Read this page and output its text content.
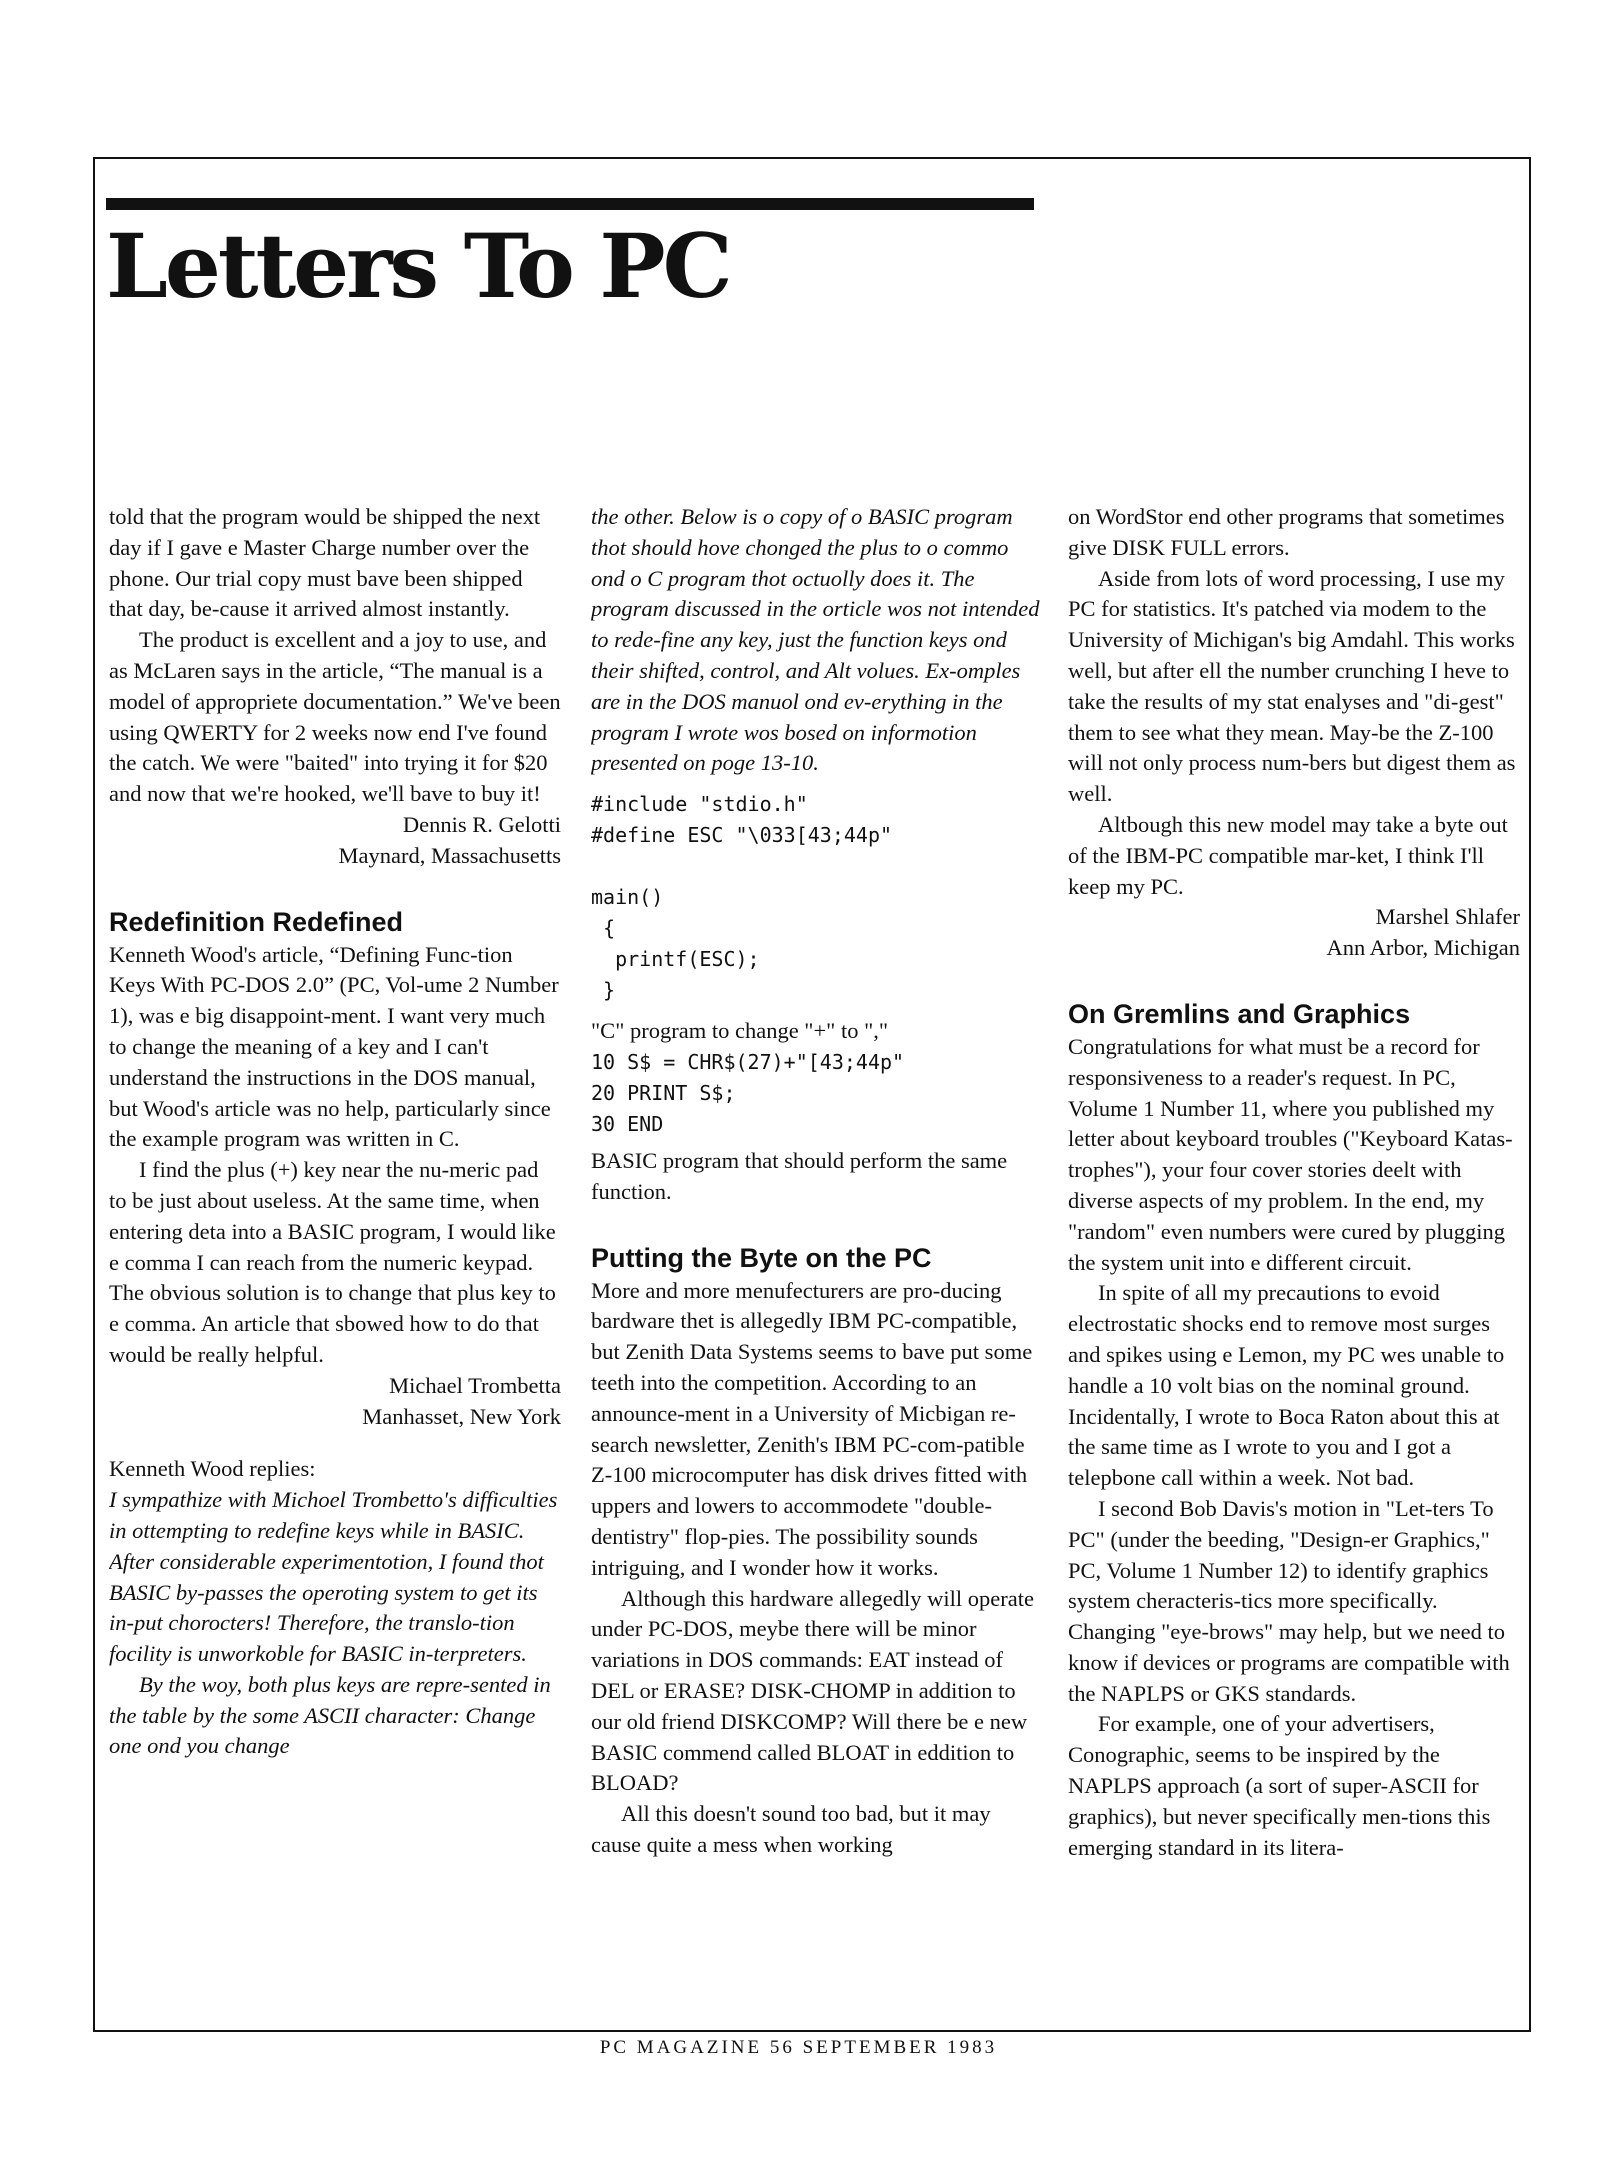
Letters To PC

told that the program would be shipped the next day if I gave e Master Charge number over the phone. Our trial copy must bave been shipped that day, be-cause it arrived almost instantly.

The product is excellent and a joy to use, and as McLaren says in the article, “The manual is a model of appropriete documentation.” We've been using QWERTY for 2 weeks now end I've found the catch. We were "baited" into trying it for $20 and now that we're hooked, we'll bave to buy it!

Dennis R. Gelotti

Maynard, Massachusetts

Redefinition Redefined

Kenneth Wood's article, “Defining Func-tion Keys With PC-DOS 2.0” (PC, Vol-ume 2 Number 1), was e big disappoint-ment. I want very much to change the meaning of a key and I can't understand the instructions in the DOS manual, but Wood's article was no help, particularly since the example program was written in C.

I find the plus (+) key near the nu-meric pad to be just about useless. At the same time, when entering deta into a BASIC program, I would like e comma I can reach from the numeric keypad. The obvious solution is to change that plus key to e comma. An article that sbowed how to do that would be really helpful.

Michael Trombetta

Manhasset, New York

Kenneth Wood replies:

I sympathize with Michoel Trombetto's difficulties in ottempting to redefine keys while in BASIC. After considerable experimentotion, I found thot BASIC by-passes the operoting system to get its in-put chorocters! Therefore, the translo-tion focility is unworkoble for BASIC in-terpreters.

By the woy, both plus keys are repre-sented in the table by the some ASCII character: Change one ond you change

the other. Below is o copy of o BASIC program thot should hove chonged the plus to o commo ond o C program thot octuolly does it. The program discussed in the orticle wos not intended to rede-fine any key, just the function keys ond their shifted, control, and Alt volues. Ex-omples are in the DOS manuol ond ev-erything in the program I wrote wos bosed on informotion presented on poge 13-10.

#include "stdio.h"
#define ESC "\033[43;44p"

main()
{
printf(ESC);
}

"C" program to change "+" to ","

10 S$ = CHR$(27)+"[43;44p"
20 PRINT S$;
30 END

BASIC program that should perform the same function.

Putting the Byte on the PC

More and more menufecturers are pro-ducing bardware thet is allegedly IBM PC-compatible, but Zenith Data Systems seems to bave put some teeth into the competition. According to an announce-ment in a University of Micbigan re-search newsletter, Zenith's IBM PC-com-patible Z-100 microcomputer has disk drives fitted with uppers and lowers to accommodete "double-dentistry" flop-pies. The possibility sounds intriguing, and I wonder how it works.

Although this hardware allegedly will operate under PC-DOS, meybe there will be minor variations in DOS commands: EAT instead of DEL or ERASE? DISK-CHOMP in addition to our old friend DISKCOMP? Will there be e new BASIC commend called BLOAT in eddition to BLOAD?

All this doesn't sound too bad, but it may cause quite a mess when working

on WordStor end other programs that sometimes give DISK FULL errors.

Aside from lots of word processing, I use my PC for statistics. It's patched via modem to the University of Michigan's big Amdahl. This works well, but after ell the number crunching I heve to take the results of my stat enalyses and "di-gest" them to see what they mean. May-be the Z-100 will not only process num-bers but digest them as well.

Altbough this new model may take a byte out of the IBM-PC compatible mar-ket, I think I'll keep my PC.

Marshel Shlafer

Ann Arbor, Michigan

On Gremlins and Graphics

Congratulations for what must be a record for responsiveness to a reader's request. In PC, Volume 1 Number 11, where you published my letter about keyboard troubles ("Keyboard Katas-trophes"), your four cover stories deelt with diverse aspects of my problem. In the end, my "random" even numbers were cured by plugging the system unit into e different circuit.

In spite of all my precautions to evoid electrostatic shocks end to remove most surges and spikes using e Lemon, my PC wes unable to handle a 10 volt bias on the nominal ground. Incidentally, I wrote to Boca Raton about this at the same time as I wrote to you and I got a telepbone call within a week. Not bad.

I second Bob Davis's motion in "Let-ters To PC" (under the beeding, "Design-er Graphics," PC, Volume 1 Number 12) to identify graphics system cheracteris-tics more specifically. Changing "eye-brows" may help, but we need to know if devices or programs are compatible with the NAPLPS or GKS standards.

For example, one of your advertisers, Conographic, seems to be inspired by the NAPLPS approach (a sort of super-ASCII for graphics), but never specifically men-tions this emerging standard in its litera-

PC MAGAZINE 56 SEPTEMBER 1983
